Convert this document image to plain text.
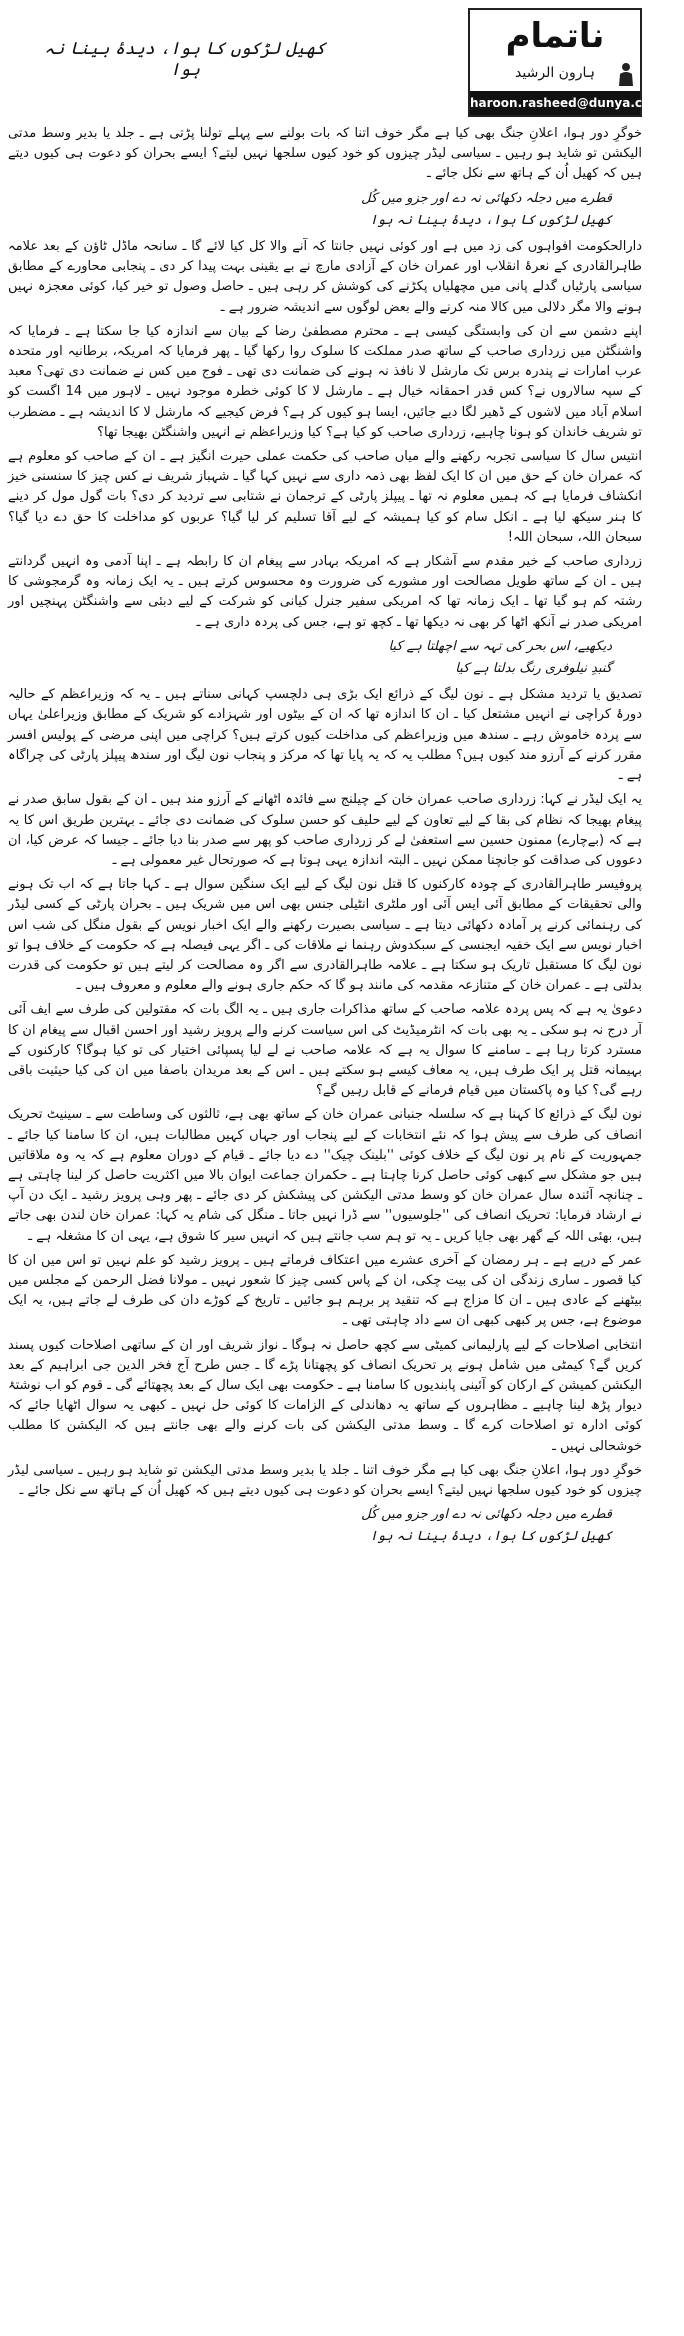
کھیل لڑکوں کا ہوا، دیدۂ بینا نہ ہوا
ناتمام
ہارون الرشید
haroon.rasheed@dunya.com.pk

خوگرِ دور ہوا، اعلانِ جنگ بھی کیا ہے مگر خوف اتنا کہ بات بولنے سے پہلے تولنا پڑتی ہے ـ جلد یا بدیر وسط مدتی الیکشن تو شاید ہو رہیں ـ سیاسی لیڈر چیزوں کو خود کیوں سلجھا نہیں لیتے؟ ایسے بحران کو دعوت ہی کیوں دیتے ہیں کہ کھیل اُن کے ہاتھ سے نکل جائے ـ

قطرے میں دجلہ دکھائی نہ دے اور جزو میں کُل
کھیل لڑکوں کا ہوا، دیدۂ بینا نہ ہوا

دارالحکومت افواہوں کی زد میں ہے اور کوئی نہیں جانتا کہ آنے والا کل کیا لائے گا ـ سانحہ ماڈل ٹاؤن کے بعد علامہ طاہرالقادری کے نعرۂ انقلاب اور عمران خان کے آزادی مارچ نے بے یقینی بہت پیدا کر دی ـ پنجابی محاورے کے مطابق سیاسی پارٹیاں گدلے پانی میں مچھلیاں پکڑنے کی کوشش کر رہی ہیں ـ حاصل وصول تو خیر کیا، کوئی معجزہ نہیں ہونے والا مگر دلالی میں کالا منہ کرنے والے بعض لوگوں سے اندیشہ ضرور ہے ـ

اپنے دشمن سے ان کی وابستگی کیسی ہے ـ محترم مصطفیٰ رضا کے بیان سے اندازہ کیا جا سکتا ہے ـ فرمایا کہ واشنگٹن میں زرداری صاحب کے ساتھ صدر مملکت کا سلوک روا رکھا گیا ـ پھر فرمایا کہ امریکہ، برطانیہ اور متحدہ عرب امارات نے پندرہ برس تک مارشل لا نافذ نہ ہونے کی ضمانت دی تھی ـ فوج میں کس نے ضمانت دی تھی؟ معبد کے سپہ سالاروں نے؟ کس قدر احمقانہ خیال ہے ـ مارشل لا کا کوئی خطرہ موجود نہیں ـ لاہور میں 14 اگست کو اسلام آباد میں لاشوں کے ڈھیر لگا دیے جائیں، ایسا ہو کیوں کر ہے؟ فرض کیجیے کہ مارشل لا کا اندیشہ ہے ـ مضطرب تو شریف خاندان کو ہونا چاہیے، زرداری صاحب کو کیا ہے؟ کیا وزیراعظم نے انہیں واشنگٹن بھیجا تھا؟

انتیس سال کا سیاسی تجربہ رکھنے والے میاں صاحب کی حکمت عملی حیرت انگیز ہے ـ ان کے صاحب کو معلوم ہے کہ عمران خان کے حق میں ان کا ایک لفظ بھی ذمہ داری سے نہیں کہا گیا ـ شہباز شریف نے کس چیز کا سنسنی خیز انکشاف فرمایا ہے کہ ہمیں معلوم نہ تھا ـ پیپلز پارٹی کے ترجمان نے شتابی سے تردید کر دی؟ بات گول مول کر دینے کا ہنر سیکھ لیا ہے ـ انکل سام کو کیا ہمیشہ کے لیے آقا تسلیم کر لیا گیا؟ عربوں کو مداخلت کا حق دے دیا گیا؟ سبحان اللہ، سبحان اللہ!

زرداری صاحب کے خیر مقدم سے آشکار ہے کہ امریکہ بہادر سے پیغام ان کا رابطہ ہے ـ اپنا آدمی وہ انہیں گردانتے ہیں ـ ان کے ساتھ طویل مصالحت اور مشورے کی ضرورت وہ محسوس کرتے ہیں ـ یہ ایک زمانہ وہ گرمجوشی کا رشتہ کم ہو گیا تھا ـ ایک زمانہ تھا کہ امریکی سفیر جنرل کیانی کو شرکت کے لیے دبئی سے واشنگٹن پہنچیں اور امریکی صدر نے آنکھ اٹھا کر بھی نہ دیکھا تھا ـ کچھ تو ہے، جس کی پردہ داری ہے ـ

دیکھیے، اس بحر کی تہہ سے اچھلتا ہے کیا
گنبدِ نیلوفری رنگ بدلتا ہے کیا

تصدیق یا تردید مشکل ہے ـ نون لیگ کے ذرائع ایک بڑی ہی دلچسپ کہانی سناتے ہیں ـ یہ کہ وزیراعظم کے حالیہ دورۂ کراچی نے انہیں مشتعل کیا ـ ان کا اندازہ تھا کہ ان کے بیٹوں اور شہزادے کو شریک کے مطابق وزیراعلیٰ یہاں سے پردہ خاموش رہے ـ سندھ میں وزیراعظم کی مداخلت کیوں کرتے ہیں؟ کراچی میں اپنی مرضی کے پولیس افسر مقرر کرنے کے آرزو مند کیوں ہیں؟ مطلب یہ کہ یہ پایا تھا کہ مرکز و پنجاب نون لیگ اور سندھ پیپلز پارٹی کی چراگاہ ہے ـ

یہ ایک لیڈر نے کہا: زرداری صاحب عمران خان کے چیلنج سے فائدہ اٹھانے کے آرزو مند ہیں ـ ان کے بقول سابق صدر نے پیغام بھیجا کہ نظام کی بقا کے لیے تعاون کے لیے حلیف کو حسن سلوک کی ضمانت دی جائے ـ بہترین طریق اس کا یہ ہے کہ (بےچارے) ممنون حسین سے استعفیٰ لے کر زرداری صاحب کو پھر سے صدر بنا دیا جائے ـ جیسا کہ عرض کیا، ان دعووں کی صداقت کو جانچنا ممکن نہیں ـ البتہ اندازہ یہی ہوتا ہے کہ صورتحال غیر معمولی ہے ـ

پروفیسر طاہرالقادری کے چودہ کارکنوں کا قتل نون لیگ کے لیے ایک سنگین سوال ہے ـ کہا جاتا ہے کہ اب تک ہونے والی تحقیقات کے مطابق آئی ایس آئی اور ملٹری انٹیلی جنس بھی اس میں شریک ہیں ـ بحران پارٹی کے کسی لیڈر کی رہنمائی کرنے پر آمادہ دکھائی دیتا ہے ـ سیاسی بصیرت رکھنے والے ایک اخبار نویس کے بقول منگل کی شب اس اخبار نویس سے ایک خفیہ ایجنسی کے سبکدوش رہنما نے ملاقات کی ـ اگر یہی فیصلہ ہے کہ حکومت کے خلاف ہوا تو نون لیگ کا مستقبل تاریک ہو سکتا ہے ـ علامہ طاہرالقادری سے اگر وہ مصالحت کر لیتے ہیں تو حکومت کی قدرت بدلتی ہے ـ عمران خان کے متنازعہ مقدمہ کی مانند ہو گا کہ حکم جاری ہونے والے معلوم و معروف ہیں ـ

دعویٰ یہ ہے کہ پس پردہ علامہ صاحب کے ساتھ مذاکرات جاری ہیں ـ یہ الگ بات کہ مقتولین کی طرف سے ایف آئی آر درج نہ ہو سکی ـ یہ بھی بات کہ انٹرمیڈیٹ کی اس سیاست کرنے والے پرویز رشید اور احسن اقبال سے پیغام ان کا مسترد کرتا رہا ہے ـ سامنے کا سوال یہ ہے کہ علامہ صاحب نے لے لیا پسپائی اختیار کی تو کیا ہوگا؟ کارکنوں کے بہیمانہ قتل پر ایک طرف ہیں، یہ معاف کیسے ہو سکتے ہیں ـ اس کے بعد مریدان باصفا میں ان کی کیا حیثیت باقی رہے گی؟ کیا وہ پاکستان میں قیام فرمانے کے قابل رہیں گے؟

نون لیگ کے ذرائع کا کہنا ہے کہ سلسلہ جنبانی عمران خان کے ساتھ بھی ہے، ثالثوں کی وساطت سے ـ سینیٹ تحریک انصاف کی طرف سے پیش ہوا کہ نئے انتخابات کے لیے پنجاب اور جہاں کہیں مطالبات ہیں، ان کا سامنا کیا جائے ـ جمہوریت کے نام پر نون لیگ کے خلاف کوئی ''بلینک چیک'' دے دیا جائے ـ قیام کے دوران معلوم ہے کہ یہ وہ ملاقاتیں ہیں جو مشکل سے کبھی کوئی حاصل کرنا چاہتا ہے ـ حکمران جماعت ایوان بالا میں اکثریت حاصل کر لینا چاہتی ہے ـ چنانچہ آئندہ سال عمران خان کو وسط مدتی الیکشن کی پیشکش کر دی جائے ـ پھر وہی پرویز رشید ـ ایک دن آپ نے ارشاد فرمایا: تحریک انصاف کی ''جلوسیوں'' سے ڈرا نہیں جاتا ـ منگل کی شام یہ کہا: عمران خان لندن بھی جاتے ہیں، بھئی اللہ کے گھر بھی جایا کریں ـ یہ تو ہم سب جانتے ہیں کہ انہیں سیر کا شوق ہے، یہی ان کا مشغلہ ہے ـ

عمر کے درپے ہے ـ ہر رمضان کے آخری عشرے میں اعتکاف فرماتے ہیں ـ پرویز رشید کو علم نہیں تو اس میں ان کا کیا قصور ـ ساری زندگی ان کی بیت چکی، ان کے پاس کسی چیز کا شعور نہیں ـ مولانا فضل الرحمن کے مجلس میں بیٹھنے کے عادی ہیں ـ ان کا مزاج ہے کہ تنقید پر برہم ہو جائیں ـ تاریخ کے کوڑے دان کی طرف لے جاتے ہیں، یہ ایک موضوع ہے، جس پر کبھی کبھی ان سے داد چاہتی تھی ـ

انتخابی اصلاحات کے لیے پارلیمانی کمیٹی سے کچھ حاصل نہ ہوگا ـ نواز شریف اور ان کے ساتھی اصلاحات کیوں پسند کریں گے؟ کیمٹی میں شامل ہونے پر تحریک انصاف کو پچھتانا پڑے گا ـ جس طرح آج فخر الدین جی ابراہیم کے بعد الیکشن کمیشن کے ارکان کو آئینی پابندیوں کا سامنا ہے ـ حکومت بھی ایک سال کے بعد پچھتائے گی ـ قوم کو اب نوشتۂ دیوار پڑھ لینا چاہیے ـ مظاہروں کے ساتھ یہ دھاندلی کے الزامات کا کوئی حل نہیں ـ کبھی یہ سوال اٹھایا جائے کہ کوئی ادارہ تو اصلاحات کرے گا ـ وسط مدتی الیکشن کی بات کرنے والے بھی جانتے ہیں کہ الیکشن کا مطلب خوشحالی نہیں ـ

خوگرِ دور ہوا، اعلانِ جنگ بھی کیا ہے مگر خوف اتنا ـ جلد یا بدیر وسط مدتی الیکشن تو شاید ہو رہیں ـ سیاسی لیڈر چیزوں کو خود کیوں سلجھا نہیں لیتے؟ ایسے بحران کو دعوت ہی کیوں دیتے ہیں کہ کھیل اُن کے ہاتھ سے نکل جائے ـ

قطرے میں دجلہ دکھائی نہ دے اور جزو میں کُل
کھیل لڑکوں کا ہوا، دیدۂ بینا نہ ہوا
